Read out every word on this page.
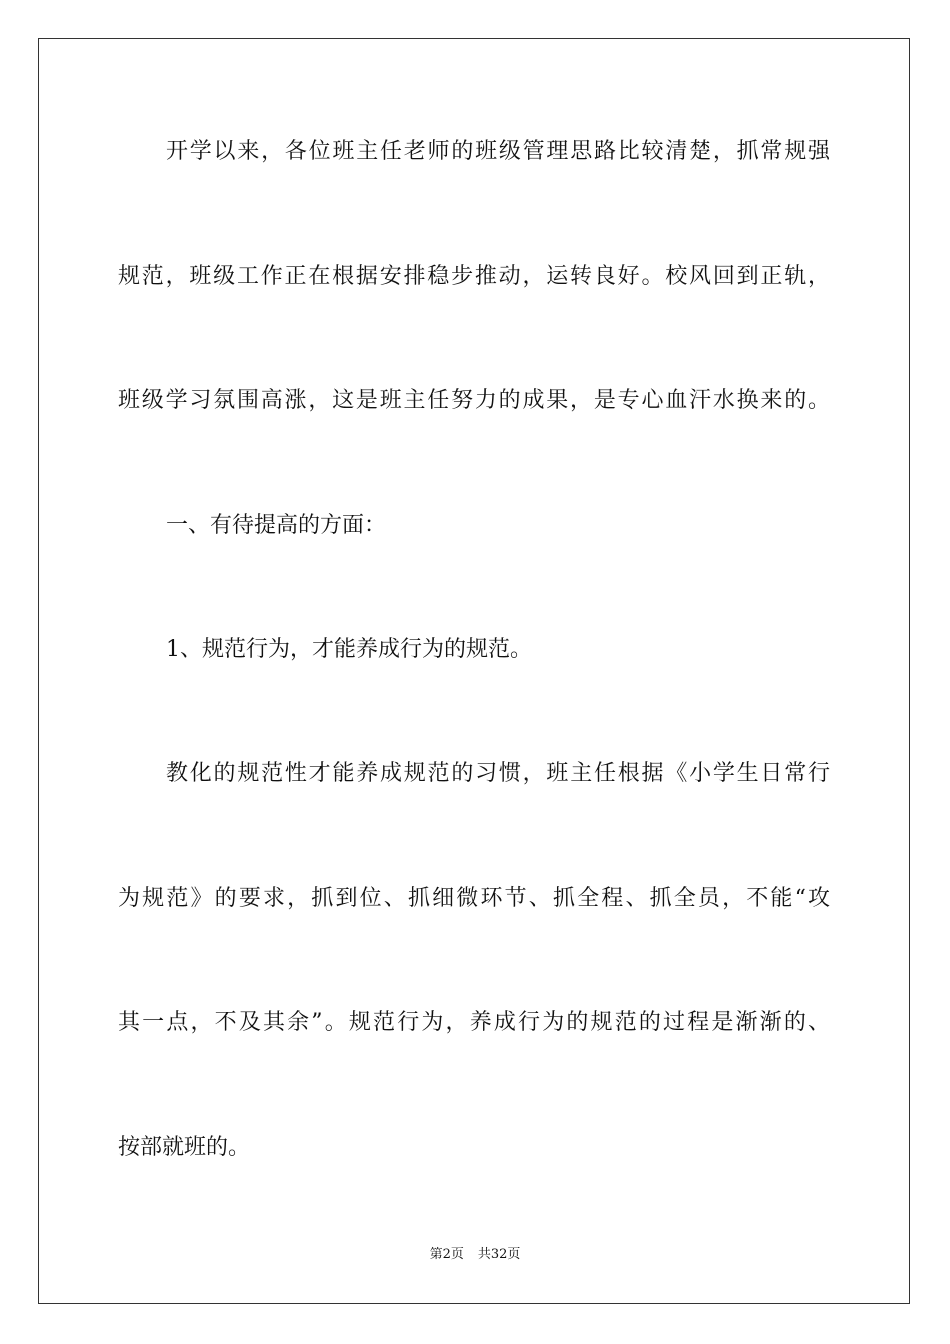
开学以来，各位班主任老师的班级管理思路比较清楚，抓常规强
规范，班级工作正在根据安排稳步推动，运转良好。校风回到正轨，
班级学习氛围高涨，这是班主任努力的成果，是专心血汗水换来的。
一、有待提高的方面：
1、规范行为，才能养成行为的规范。
教化的规范性才能养成规范的习惯，班主任根据《小学生日常行
为规范》的要求，抓到位、抓细微环节、抓全程、抓全员，不能“攻
其一点，不及其余”。规范行为，养成行为的规范的过程是渐渐的、
按部就班的。
第2页 共32页
